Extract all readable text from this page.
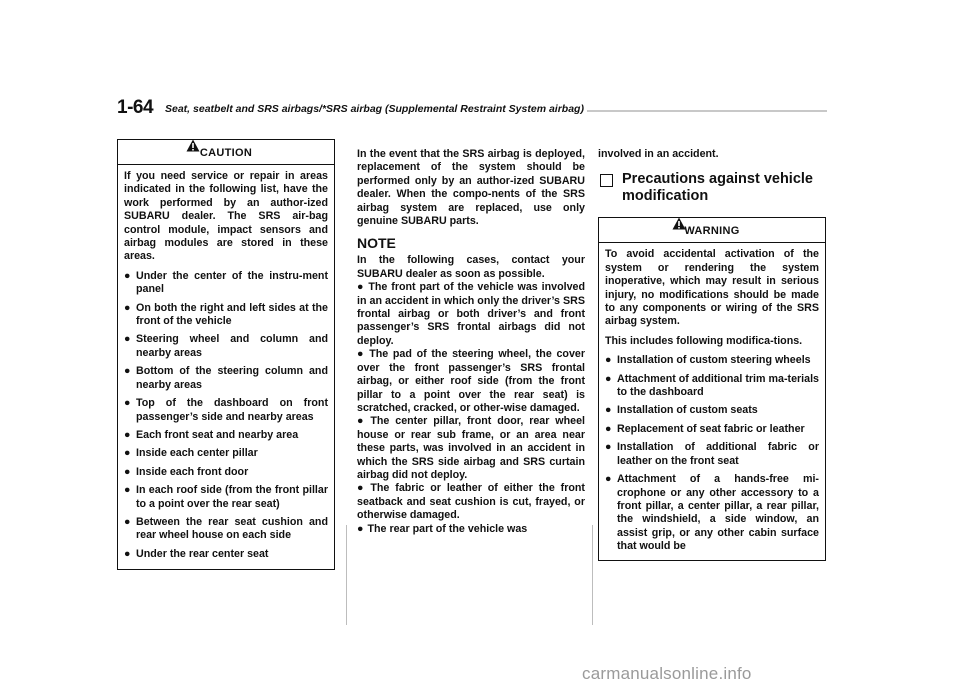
1-64 Seat, seatbelt and SRS airbags/*SRS airbag (Supplemental Restraint System airbag)
CAUTION

If you need service or repair in areas indicated in the following list, have the work performed by an author-ized SUBARU dealer. The SRS air-bag control module, impact sensors and airbag modules are stored in these areas.

● Under the center of the instru-ment panel
● On both the right and left sides at the front of the vehicle
● Steering wheel and column and nearby areas
● Bottom of the steering column and nearby areas
● Top of the dashboard on front passenger’s side and nearby areas
● Each front seat and nearby area
● Inside each center pillar
● Inside each front door
● In each roof side (from the front pillar to a point over the rear seat)
● Between the rear seat cushion and rear wheel house on each side
● Under the rear center seat
In the event that the SRS airbag is deployed, replacement of the system should be performed only by an author-ized SUBARU dealer. When the compo-nents of the SRS airbag system are replaced, use only genuine SUBARU parts.
NOTE

In the following cases, contact your SUBARU dealer as soon as possible.

● The front part of the vehicle was involved in an accident in which only the driver’s SRS frontal airbag or both driver’s and front passenger’s SRS frontal airbags did not deploy.

● The pad of the steering wheel, the cover over the front passenger’s SRS frontal airbag, or either roof side (from the front pillar to a point over the rear seat) is scratched, cracked, or other-wise damaged.

● The center pillar, front door, rear wheel house or rear sub frame, or an area near these parts, was involved in an accident in which the SRS side airbag and SRS curtain airbag did not deploy.

● The fabric or leather of either the front seatback and seat cushion is cut, frayed, or otherwise damaged.

● The rear part of the vehicle was

involved in an accident.
Precautions against vehicle modification
WARNING

To avoid accidental activation of the system or rendering the system inoperative, which may result in serious injury, no modifications should be made to any components or wiring of the SRS airbag system.

This includes following modifica-tions.

● Installation of custom steering wheels
● Attachment of additional trim ma-terials to the dashboard
● Installation of custom seats
● Replacement of seat fabric or leather
● Installation of additional fabric or leather on the front seat
● Attachment of a hands-free mi-crophone or any other accessory to a front pillar, a center pillar, a rear pillar, the windshield, a side window, an assist grip, or any other cabin surface that would be
carmanualsonline.info
